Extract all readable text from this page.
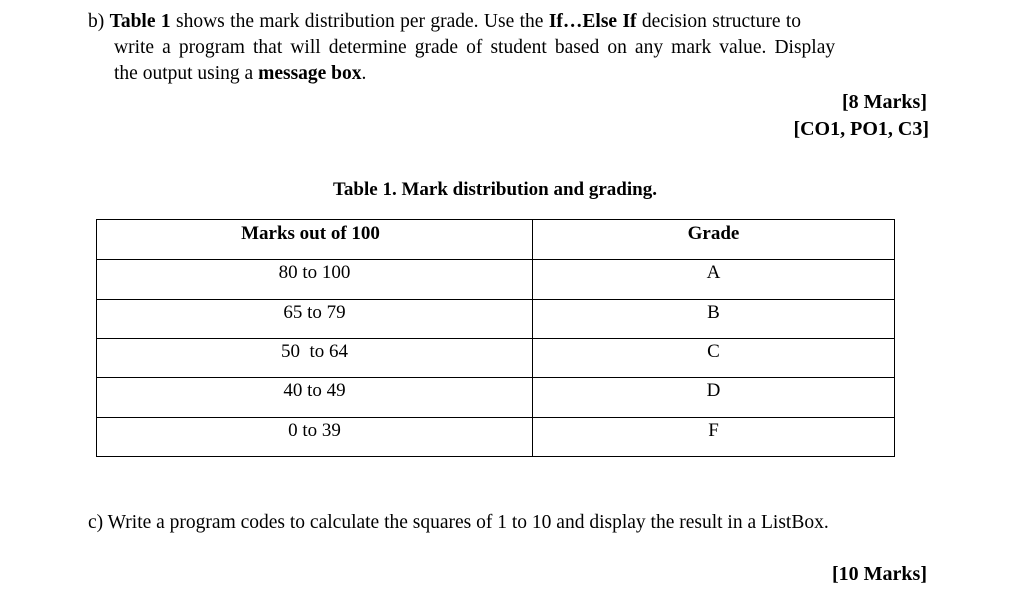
b) Table 1 shows the mark distribution per grade. Use the If…Else If decision structure to
write a program that will determine grade of student based on any mark value. Display
the output using a message box.
[8 Marks]
[CO1, PO1, C3]
Table 1. Mark distribution and grading.
Marks out of 100	Grade
80 to 100	A
65 to 79	B
50  to 64	C
40 to 49	D
0 to 39	F
c) Write a program codes to calculate the squares of 1 to 10 and display the result in a ListBox.
[10 Marks]
